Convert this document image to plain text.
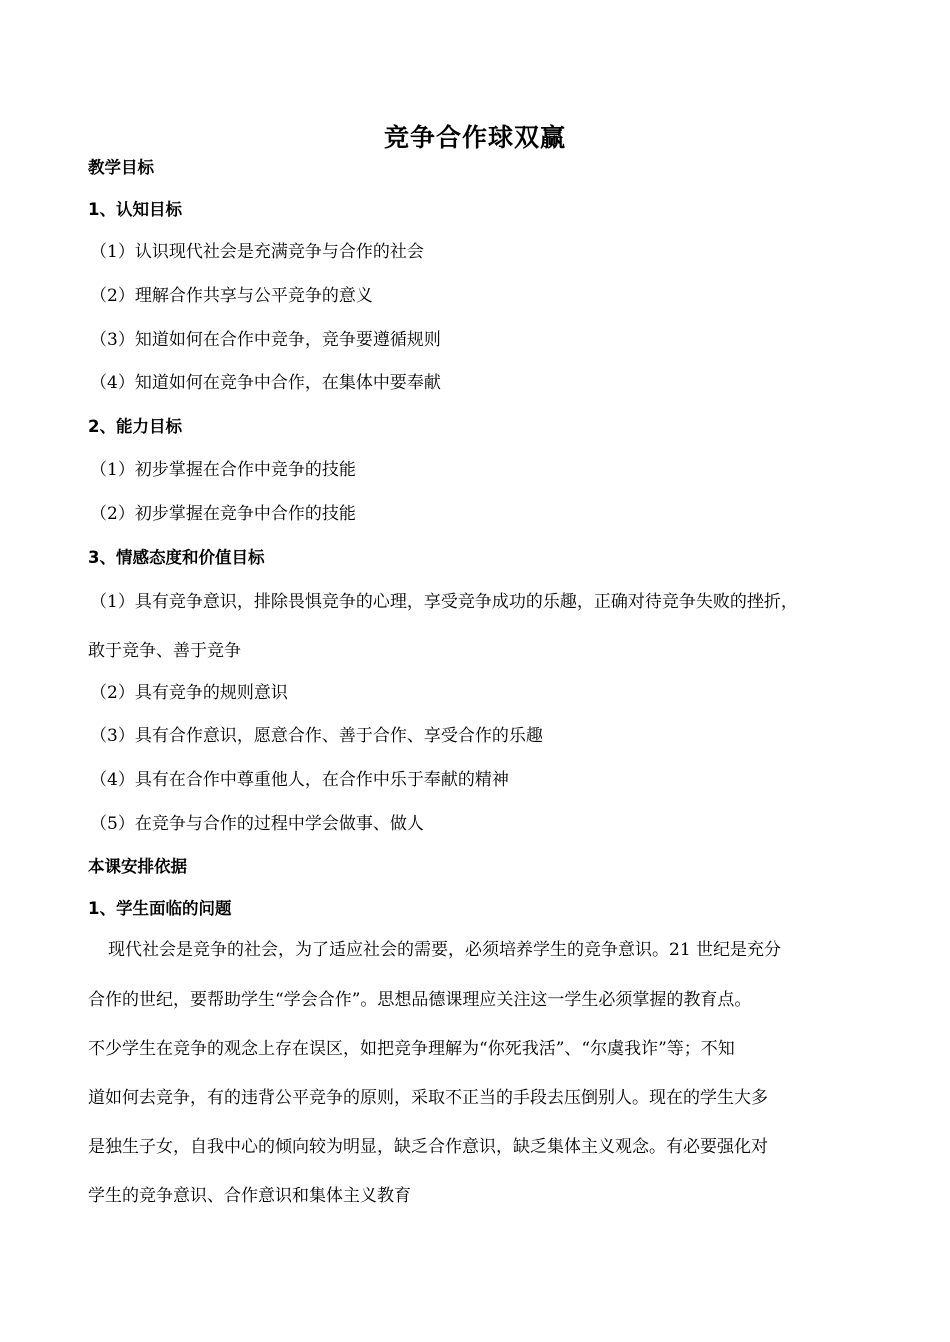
竞争合作球双赢
教学目标
1、认知目标
（1）认识现代社会是充满竞争与合作的社会
（2）理解合作共享与公平竞争的意义
（3）知道如何在合作中竞争，竞争要遵循规则
（4）知道如何在竞争中合作，在集体中要奉献
2、能力目标
（1）初步掌握在合作中竞争的技能
（2）初步掌握在竞争中合作的技能
3、情感态度和价值目标
（1）具有竞争意识，排除畏惧竞争的心理，享受竞争成功的乐趣，正确对待竞争失败的挫折，
敢于竞争、善于竞争
（2）具有竞争的规则意识
（3）具有合作意识，愿意合作、善于合作、享受合作的乐趣
（4）具有在合作中尊重他人，在合作中乐于奉献的精神
（5）在竞争与合作的过程中学会做事、做人
本课安排依据
1、学生面临的问题
现代社会是竞争的社会，为了适应社会的需要，必须培养学生的竞争意识。21 世纪是充分
合作的世纪，要帮助学生“学会合作”。思想品德课理应关注这一学生必须掌握的教育点。
不少学生在竞争的观念上存在误区，如把竞争理解为“你死我活”、“尔虞我诈”等；不知
道如何去竞争，有的违背公平竞争的原则，采取不正当的手段去压倒别人。现在的学生大多
是独生子女，自我中心的倾向较为明显，缺乏合作意识，缺乏集体主义观念。有必要强化对
学生的竞争意识、合作意识和集体主义教育
